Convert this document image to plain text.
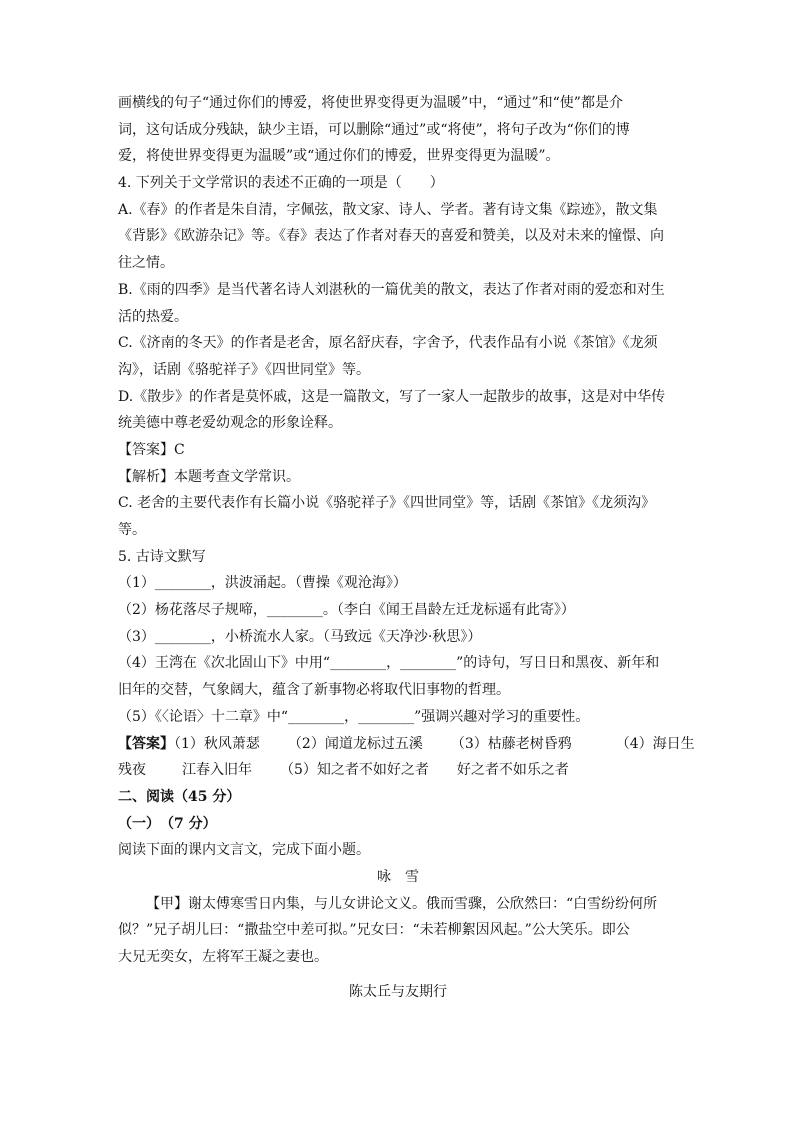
画横线的句子“通过你们的博爱，将使世界变得更为温暖”中，“通过”和“使”都是介
词，这句话成分残缺，缺少主语，可以删除“通过”或“将使”，将句子改为“你们的博
爱，将使世界变得更为温暖”或“通过你们的博爱，世界变得更为温暖”。
4. 下列关于文学常识的表述不正确的一项是（　　）
A.《春》的作者是朱自清，字佩弦，散文家、诗人、学者。著有诗文集《踪迹》，散文集
《背影》《欧游杂记》等。《春》表达了作者对春天的喜爱和赞美，以及对未来的憧憬、向
往之情。
B.《雨的四季》是当代著名诗人刘湛秋的一篇优美的散文，表达了作者对雨的爱恋和对生
活的热爱。
C.《济南的冬天》的作者是老舍，原名舒庆春，字舍予，代表作品有小说《茶馆》《龙须
沟》，话剧《骆驼祥子》《四世同堂》等。
D.《散步》的作者是莫怀戚，这是一篇散文，写了一家人一起散步的故事，这是对中华传
统美德中尊老爱幼观念的形象诠释。
【答案】C
【解析】本题考查文学常识。
C. 老舍的主要代表作有长篇小说《骆驼祥子》《四世同堂》等，话剧《茶馆》《龙须沟》
等。
5. 古诗文默写
（1）________，洪波涌起。（曹操《观沧海》）
（2）杨花落尽子规啼，________。（李白《闻王昌龄左迁龙标遥有此寄》）
（3）________，小桥流水人家。（马致远《天净沙·秋思》）
（4）王湾在《次北固山下》中用“________，________”的诗句，写日日和黑夜、新年和
旧年的交替，气象阔大，蕴含了新事物必将取代旧事物的哲理。
（5）《〈论语〉十二章》中“________，________”强调兴趣对学习的重要性。
【答案】（1）秋风萧瑟 （2）闻道龙标过五溪 （3）枯藤老树昏鸦	（4）海日生
残夜	江春入旧年 （5）知之者不如好之者 好之者不如乐之者
二、阅读（45 分）
（一）　（7 分）
阅读下面的课内文言文，完成下面小题。
咏　雪
【甲】谢太傅寒雪日内集，与儿女讲论文义。俄而雪骤，公欣然曰：“白雪纷纷何所
似？”兄子胡儿曰：“撒盐空中差可拟。”兄女曰：“未若柳絮因风起。”公大笑乐。即公
大兄无奕女，左将军王凝之妻也。
陈太丘与友期行
